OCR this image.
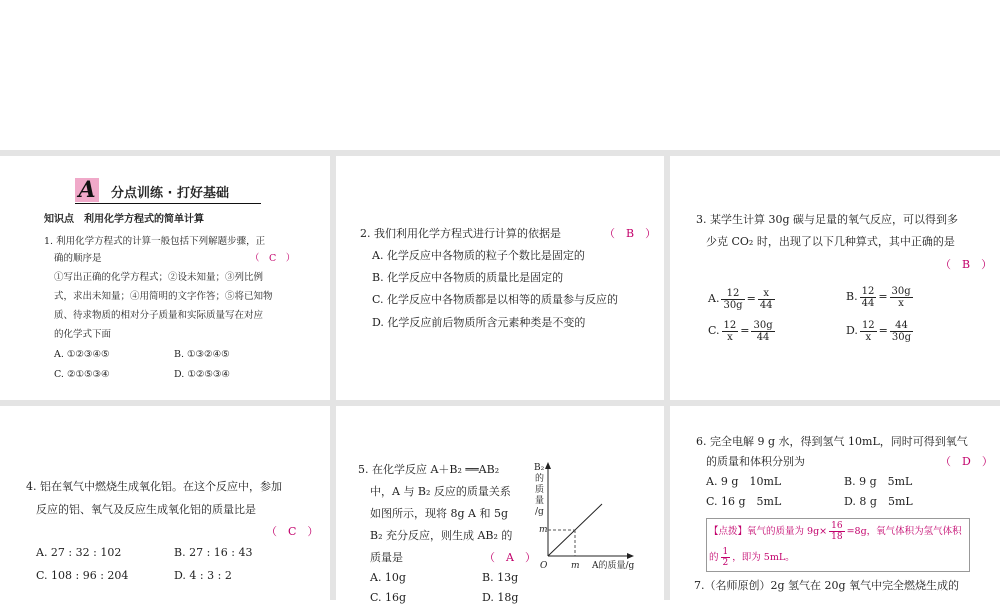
A 分点训练 · 打好基础
知识点　利用化学方程式的简单计算
1. 利用化学方程式的计算一般包括下列解题步骤，正
确的顺序是	（　C　）
①写出正确的化学方程式；②设未知量；③列比例
式，求出未知量；④用简明的文字作答；⑤将已知物
质、待求物质的相对分子质量和实际质量写在对应
的化学式下面
A. ①②③④⑤	B. ①③②④⑤
C. ②①⑤③④	D. ①②⑤③④
2. 我们利用化学方程式进行计算的依据是	（　B　）
A. 化学反应中各物质的粒子个数比是固定的
B. 化学反应中各物质的质量比是固定的
C. 化学反应中各物质都是以相等的质量参与反应的
D. 化学反应前后物质所含元素种类是不变的
3. 某学生计算 30g 碳与足量的氧气反应，可以得到多
少克 CO₂ 时，出现了以下几种算式，其中正确的是
（　B　）
A. $\frac{12}{30g} = \frac{x}{44}$	B. $\frac{12}{44} = \frac{30g}{x}$
C. $\frac{12}{x} = \frac{30g}{44}$	D. $\frac{12}{x} = \frac{44}{30g}$
4. 铝在氧气中燃烧生成氧化铝。在这个反应中，参加
反应的铝、氧气及反应生成氧化铝的质量比是
（　C　）
A. 27 : 32 : 102	B. 27 : 16 : 43
C. 108 : 96 : 204	D. 4 : 3 : 2
5. 在化学反应 A＋B₂ ══AB₂
中，A 与 B₂ 反应的质量关系
如图所示，现将 8g A 和 5g
B₂ 充分反应，则生成 AB₂ 的
质量是	（　A　）
A. 10g	B. 13g
C. 16g	D. 18g
B₂
的
质
量
/g
m
m
O	A的质量/g
6. 完全电解 9 g 水，得到氢气 10mL，同时可得到氧气
的质量和体积分别为	（　D　）
A. 9 g　10mL	B. 9 g　5mL
C. 16 g　5mL	D. 8 g　5mL
【点拨】氧气的质量为 $9g\times \frac{16}{18} =8g$，氧气体积为氢气体积
的 $\frac{1}{2}$ ，即为 5mL。
7.（名师原创）2g 氢气在 20g 氧气中完全燃烧生成的
